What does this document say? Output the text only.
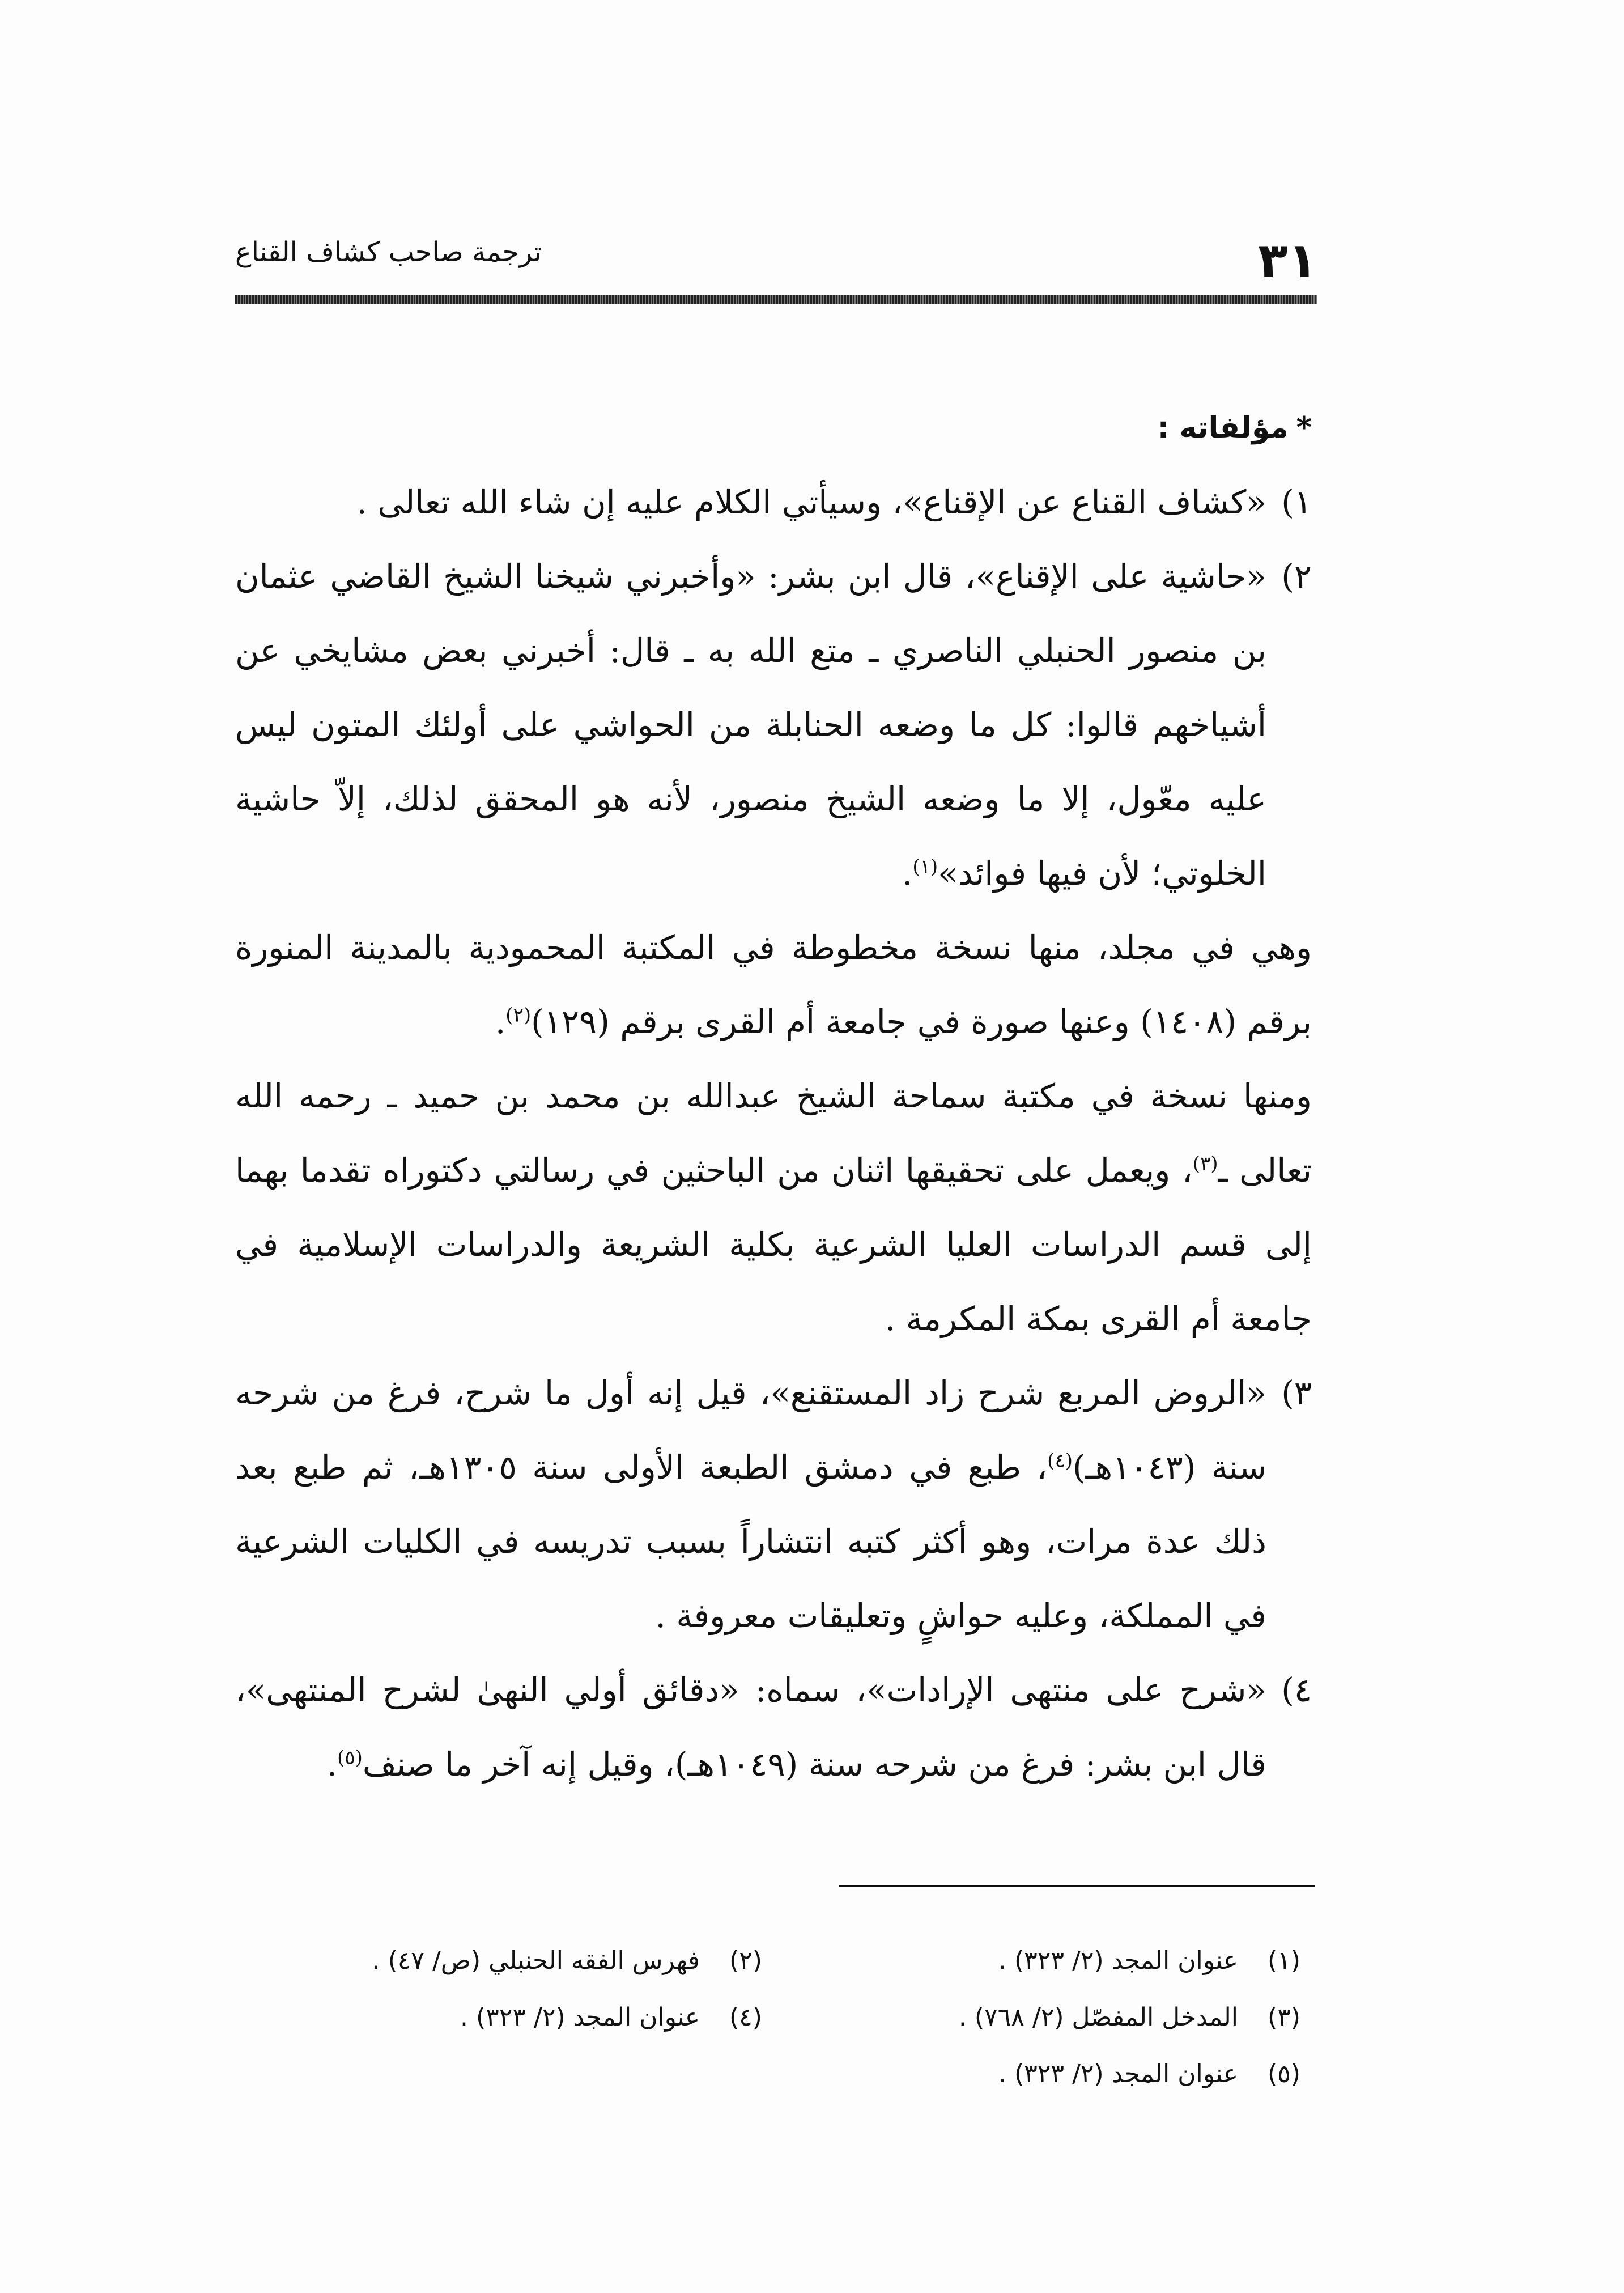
٣١
ترجمة صاحب كشاف القناع

*مؤلفاته :

١)
«كشاف القناع عن الإقناع»، وسيأتي الكلام عليه إن شاء الله تعالى .

٢)
«حاشية على الإقناع»، قال ابن بشر: «وأخبرني شيخنا الشيخ القاضي عثمان بن منصور الحنبلي الناصري ـ متع الله به ـ قال: أخبرني بعض مشايخي عن أشياخهم قالوا: كل ما وضعه الحنابلة من الحواشي على أولئك المتون ليس عليه معّول، إلا ما وضعه الشيخ منصور، لأنه هو المحقق لذلك، إلاّ حاشية الخلوتي؛ لأن فيها فوائد»$^{(١)}$.

وهي في مجلد، منها نسخة مخطوطة في المكتبة المحمودية بالمدينة المنورة برقم (١٤٠٨) وعنها صورة في جامعة أم القرى برقم (١٢٩)$^{(٢)}$.

ومنها نسخة في مكتبة سماحة الشيخ عبدالله بن محمد بن حميد ـ رحمه الله تعالى ـ$^{(٣)}$، ويعمل على تحقيقها اثنان من الباحثين في رسالتي دكتوراه تقدما بهما إلى قسم الدراسات العليا الشرعية بكلية الشريعة والدراسات الإسلامية في جامعة أم القرى بمكة المكرمة .

٣)
«الروض المربع شرح زاد المستقنع»، قيل إنه أول ما شرح، فرغ من شرحه سنة (١٠٤٣هـ)$^{(٤)}$، طبع في دمشق الطبعة الأولى سنة ١٣٠٥هـ، ثم طبع بعد ذلك عدة مرات، وهو أكثر كتبه انتشاراً بسبب تدريسه في الكليات الشرعية في المملكة، وعليه حواشٍ وتعليقات معروفة .

٤)
«شرح على منتهى الإرادات»، سماه: «دقائق أولي النهىٰ لشرح المنتهى»، قال ابن بشر: فرغ من شرحه سنة (١٠٤٩هـ)، وقيل إنه آخر ما صنف$^{(٥)}$.

(١)عنوان المجد (٢/ ٣٢٣) .
(٢)فهرس الفقه الحنبلي (ص/ ٤٧) .
(٣)المدخل المفصّل (٢/ ٧٦٨) .
(٤)عنوان المجد (٢/ ٣٢٣) .
(٥)عنوان المجد (٢/ ٣٢٣) .
